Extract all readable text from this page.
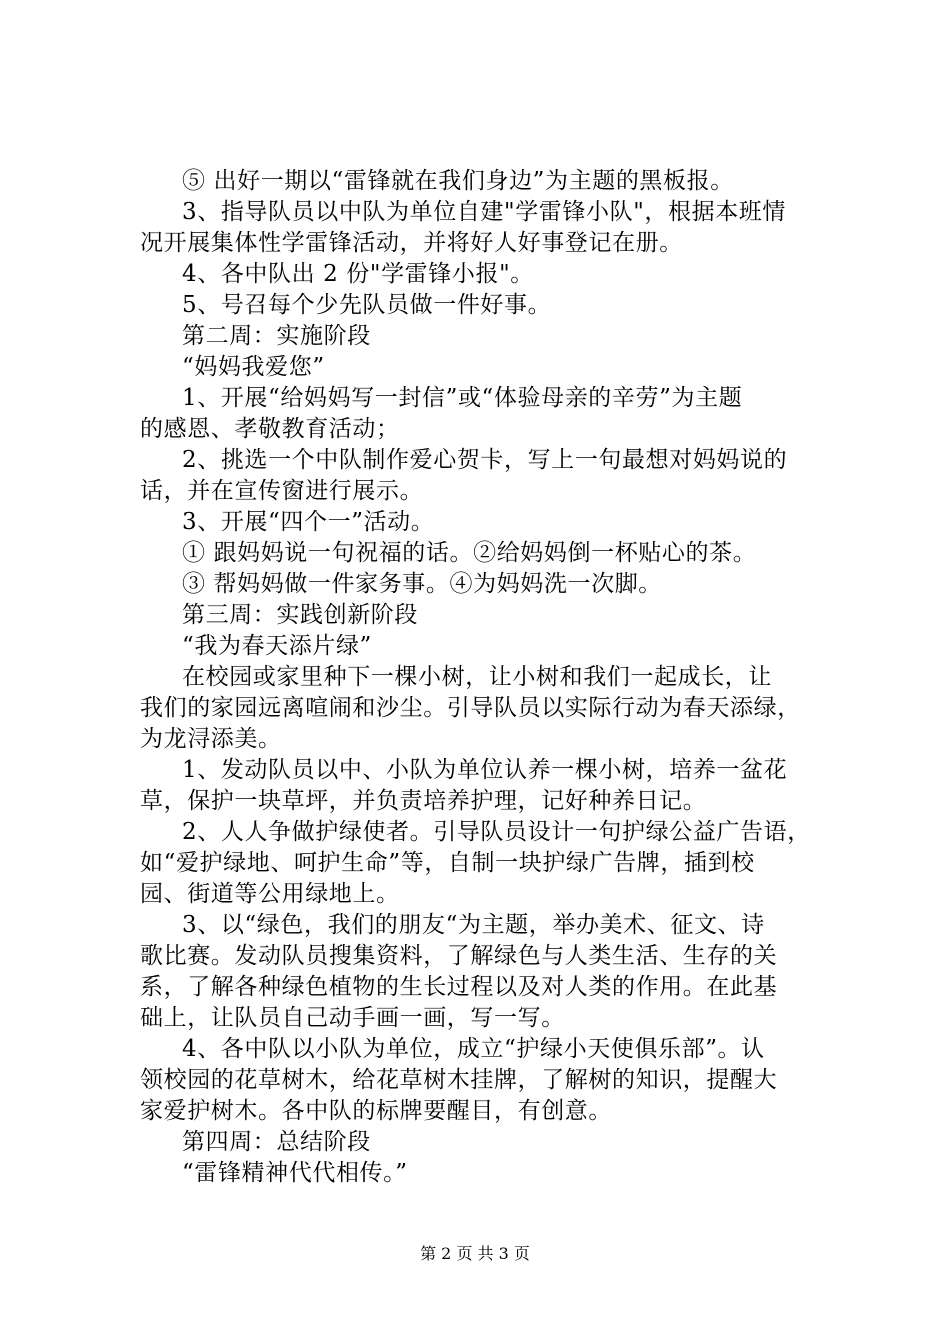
⑤ 出好一期以“雷锋就在我们身边”为主题的黑板报。
3、指导队员以中队为单位自建"学雷锋小队"，根据本班情
况开展集体性学雷锋活动，并将好人好事登记在册。
4、各中队出 2 份"学雷锋小报"。
5、号召每个少先队员做一件好事。
第二周：实施阶段
“妈妈我爱您”
1、开展“给妈妈写一封信”或“体验母亲的辛劳”为主题
的感恩、孝敬教育活动；
2、挑选一个中队制作爱心贺卡，写上一句最想对妈妈说的
话，并在宣传窗进行展示。
3、开展“四个一”活动。
① 跟妈妈说一句祝福的话。②给妈妈倒一杯贴心的茶。
③ 帮妈妈做一件家务事。④为妈妈洗一次脚。
第三周：实践创新阶段
“我为春天添片绿”
在校园或家里种下一棵小树，让小树和我们一起成长，让
我们的家园远离喧闹和沙尘。引导队员以实际行动为春天添绿，
为龙浔添美。
1、发动队员以中、小队为单位认养一棵小树，培养一盆花
草，保护一块草坪，并负责培养护理，记好种养日记。
2、人人争做护绿使者。引导队员设计一句护绿公益广告语，
如“爱护绿地、呵护生命”等，自制一块护绿广告牌，插到校
园、街道等公用绿地上。
3、以“绿色，我们的朋友“为主题，举办美术、征文、诗
歌比赛。发动队员搜集资料，了解绿色与人类生活、生存的关
系，了解各种绿色植物的生长过程以及对人类的作用。在此基
础上，让队员自己动手画一画，写一写。
4、各中队以小队为单位，成立“护绿小天使俱乐部”。认
领校园的花草树木，给花草树木挂牌，了解树的知识，提醒大
家爱护树木。各中队的标牌要醒目，有创意。
第四周：总结阶段
“雷锋精神代代相传。”
第 2 页 共 3 页
